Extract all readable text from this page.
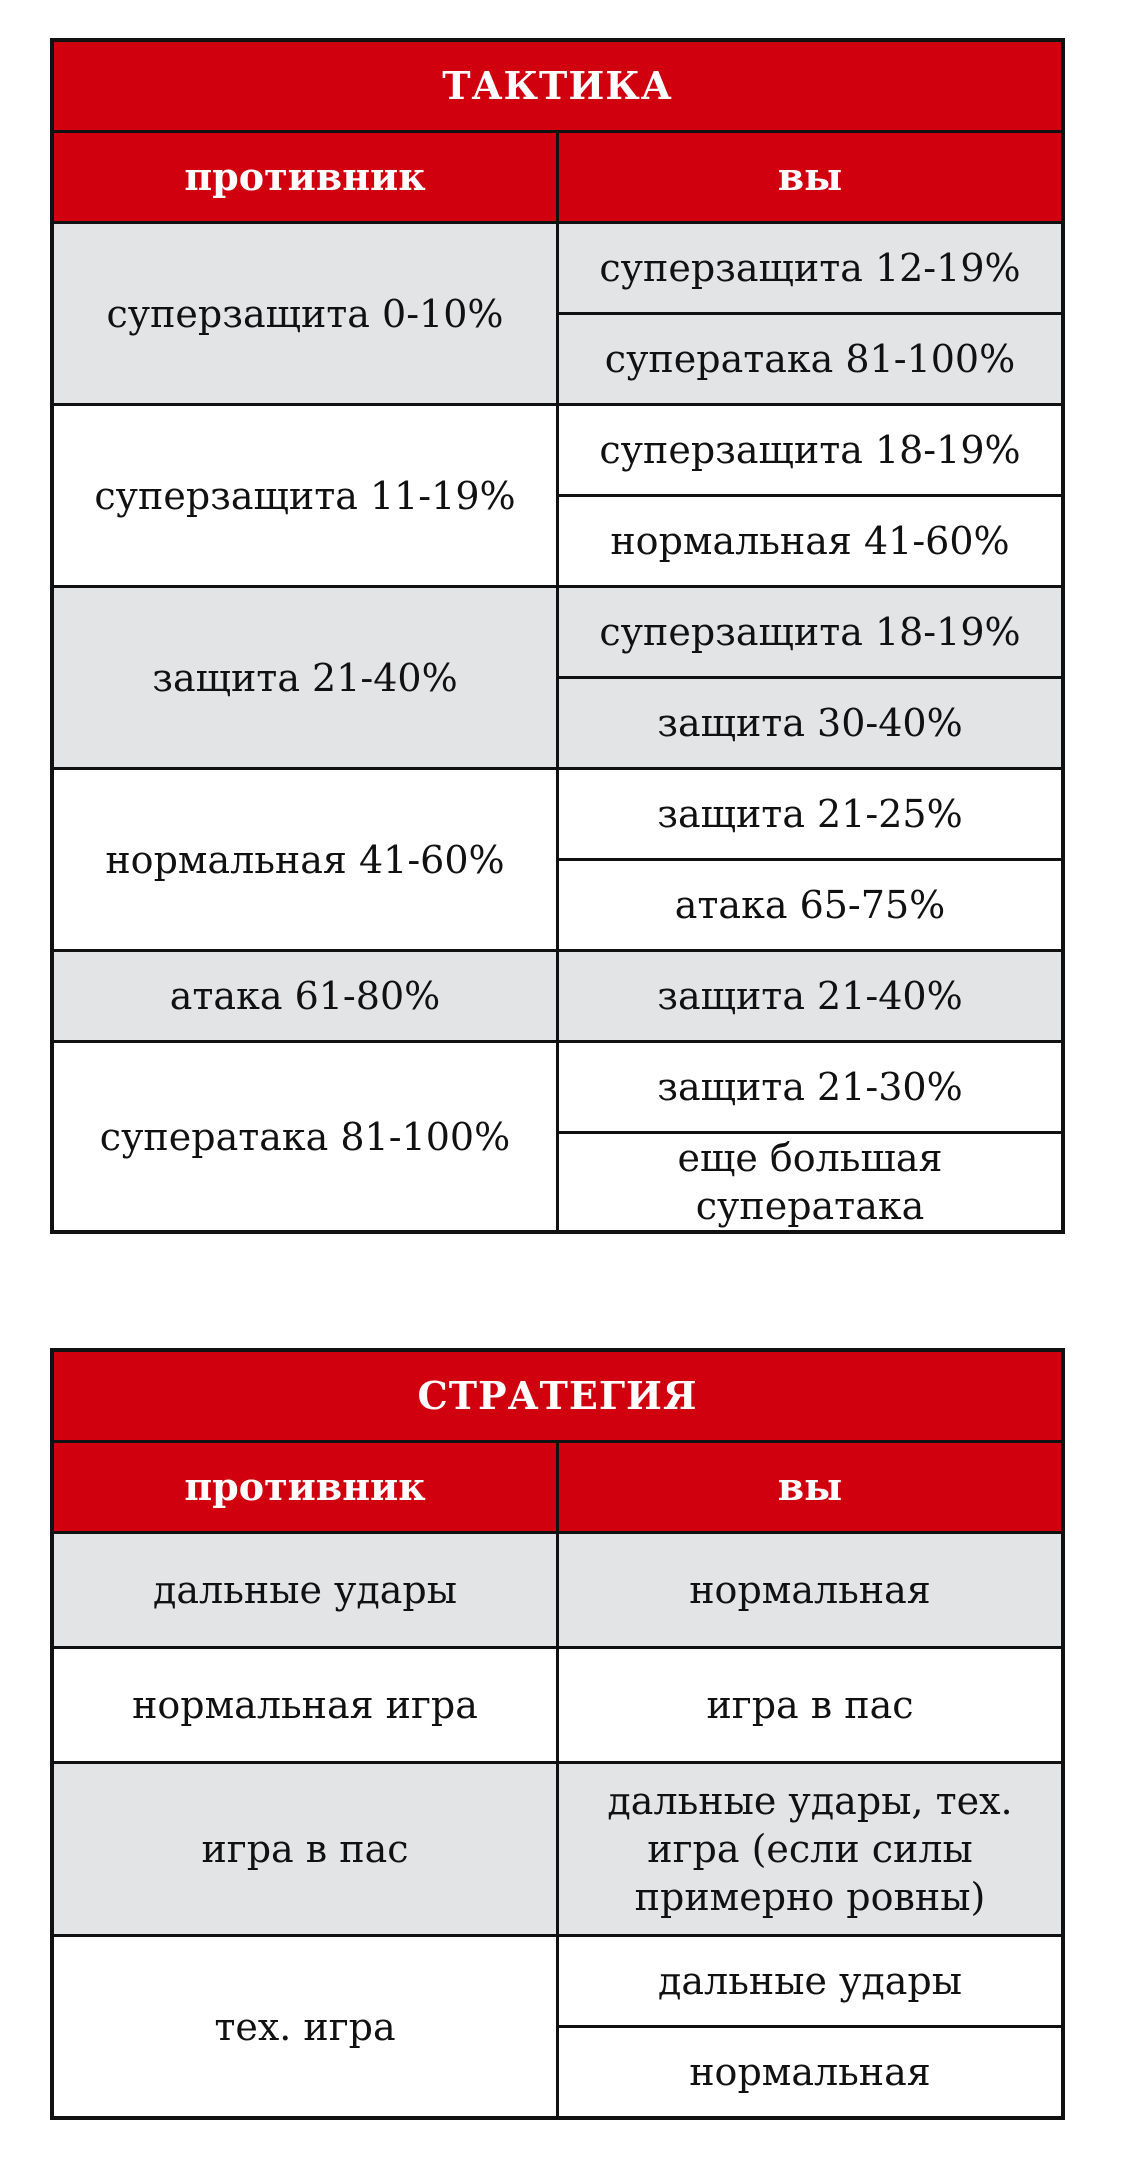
ТАКТИКА	
противник	вы
суперзащита 0-10%	суперзащита 12-19%
	суператака 81-100%
суперзащита 11-19%	суперзащита 18-19%
	нормальная 41-60%
защита 21-40%	суперзащита 18-19%
	защита 30-40%
нормальная 41-60%	защита 21-25%
	атака 65-75%
атака 61-80%	защита 21-40%
суператака 81-100%	защита 21-30%
	еще большая суператака
СТРАТЕГИЯ	
противник	вы
дальные удары	нормальная
нормальная игра	игра в пас
игра в пас	дальные удары, тех. игра (если силы примерно ровны)
тех. игра	дальные удары
	нормальная
